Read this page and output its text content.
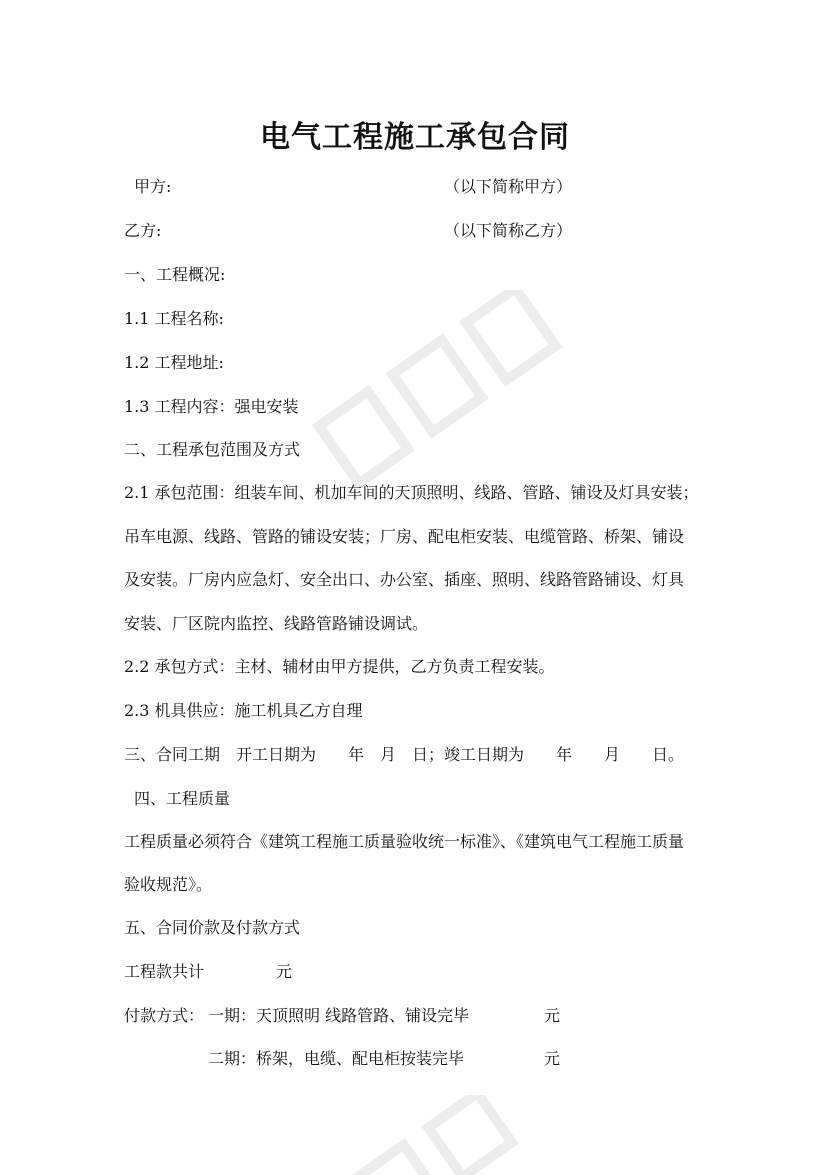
电气工程施工承包合同
甲方:	（以下简称甲方）
乙方:	（以下简称乙方）
一、工程概况:
1.1 工程名称:
1.2 工程地址:
1.3 工程内容：强电安装
二、工程承包范围及方式
2.1 承包范围：组装车间、机加车间的天顶照明、线路、管路、铺设及灯具安装；
吊车电源、线路、管路的铺设安装；厂房、配电柜安装、电缆管路、桥架、铺设
及安装。厂房内应急灯、安全出口、办公室、插座、照明、线路管路铺设、灯具
安装、厂区院内监控、线路管路铺设调试。
2.2 承包方式：主材、辅材由甲方提供，乙方负责工程安装。
2.3 机具供应：施工机具乙方自理
三、合同工期　开工日期为　　年　月　日；竣工日期为　　年　　月　　日。
四、工程质量
工程质量必须符合《建筑工程施工质量验收统一标准》、《建筑电气工程施工质量
验收规范》。
五、合同价款及付款方式
工程款共计	元
付款方式： 一期：天顶照明 线路管路、铺设完毕	元
二期：桥架，电缆、配电柜按装完毕	元
